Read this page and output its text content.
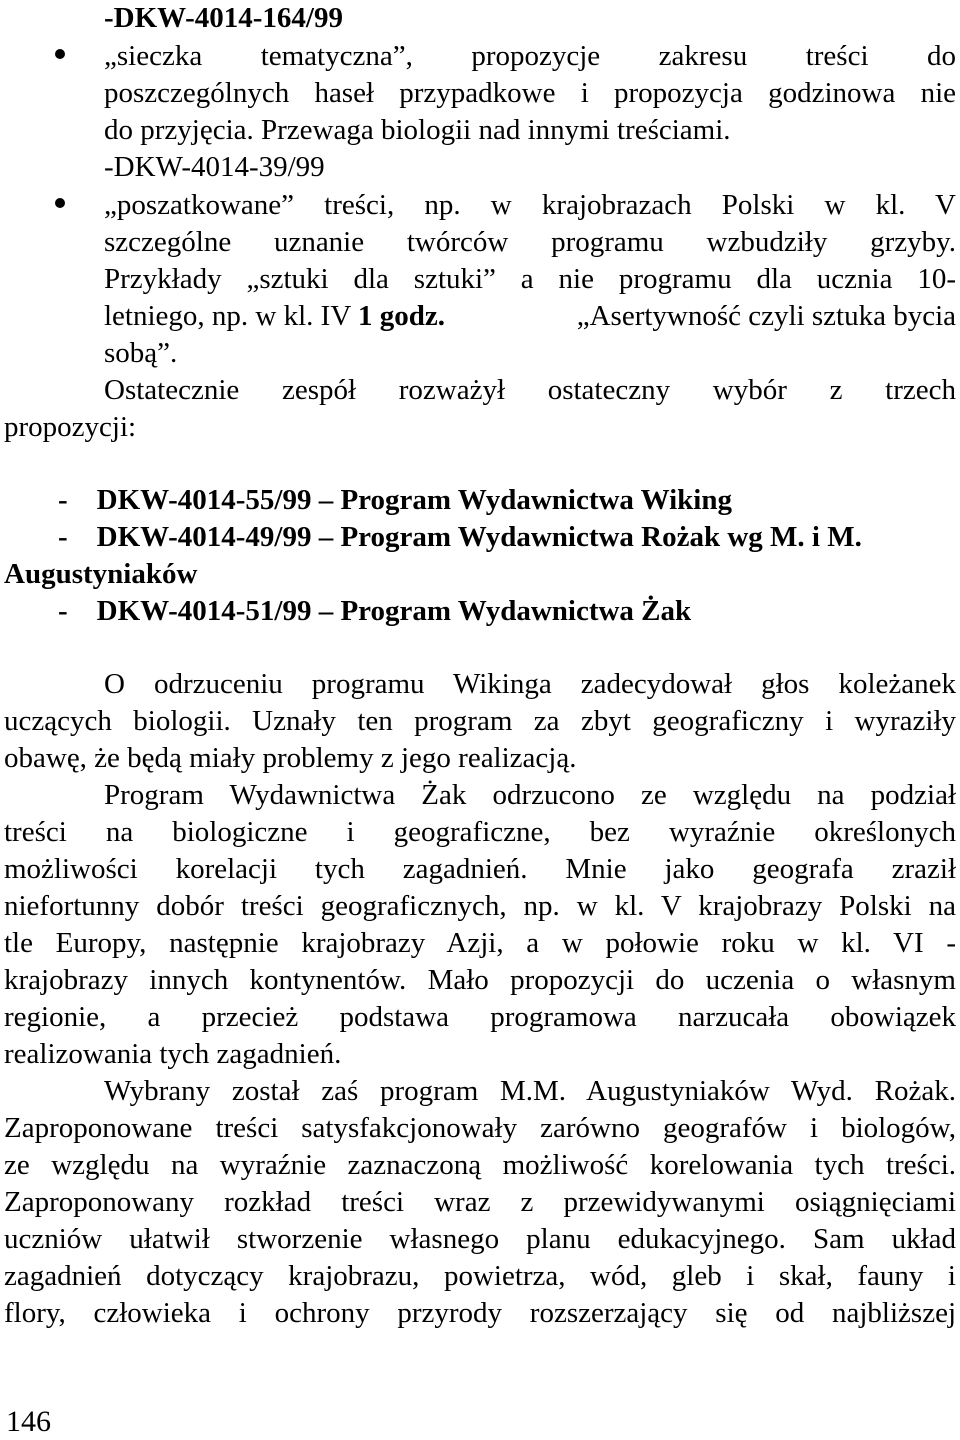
-DKW-4014-164/99
„sieczka tematyczna”, propozycje zakresu treści do
poszczególnych haseł przypadkowe i propozycja godzinowa nie
do przyjęcia. Przewaga biologii nad innymi treściami.
-DKW-4014-39/99
„poszatkowane” treści, np. w krajobrazach Polski w kl. V
szczególne uznanie twórców programu wzbudziły grzyby.
Przykłady „sztuki dla sztuki” a nie programu dla ucznia 10-
letniego, np. w kl. IV 1 godz.	„Asertywność czyli sztuka bycia
sobą”.
Ostatecznie zespół rozważył ostateczny wybór z trzech
propozycji:
-    DKW-4014-55/99 – Program Wydawnictwa Wiking
-    DKW-4014-49/99 – Program Wydawnictwa Rożak wg M. i M.
Augustyniaków
-    DKW-4014-51/99 – Program Wydawnictwa Żak
O odrzuceniu programu Wikinga zadecydował głos koleżanek
uczących biologii. Uznały ten program za zbyt geograficzny i wyraziły
obawę, że będą miały problemy z jego realizacją.
Program Wydawnictwa Żak odrzucono ze względu na podział
treści na biologiczne i geograficzne, bez wyraźnie określonych
możliwości korelacji tych zagadnień. Mnie jako geografa zraził
niefortunny dobór treści geograficznych, np. w kl. V krajobrazy Polski na
tle Europy, następnie krajobrazy Azji, a w połowie roku w kl. VI -
krajobrazy innych kontynentów. Mało propozycji do uczenia o własnym
regionie, a przecież podstawa programowa narzucała obowiązek
realizowania tych zagadnień.
Wybrany został zaś program M.M. Augustyniaków Wyd. Rożak.
Zaproponowane treści satysfakcjonowały zarówno geografów i biologów,
ze względu na wyraźnie zaznaczoną możliwość korelowania tych treści.
Zaproponowany rozkład treści wraz z przewidywanymi osiągnięciami
uczniów ułatwił stworzenie własnego planu edukacyjnego. Sam układ
zagadnień dotyczący krajobrazu, powietrza, wód, gleb i skał, fauny i
flory, człowieka i ochrony przyrody rozszerzający się od najbliższej
146
